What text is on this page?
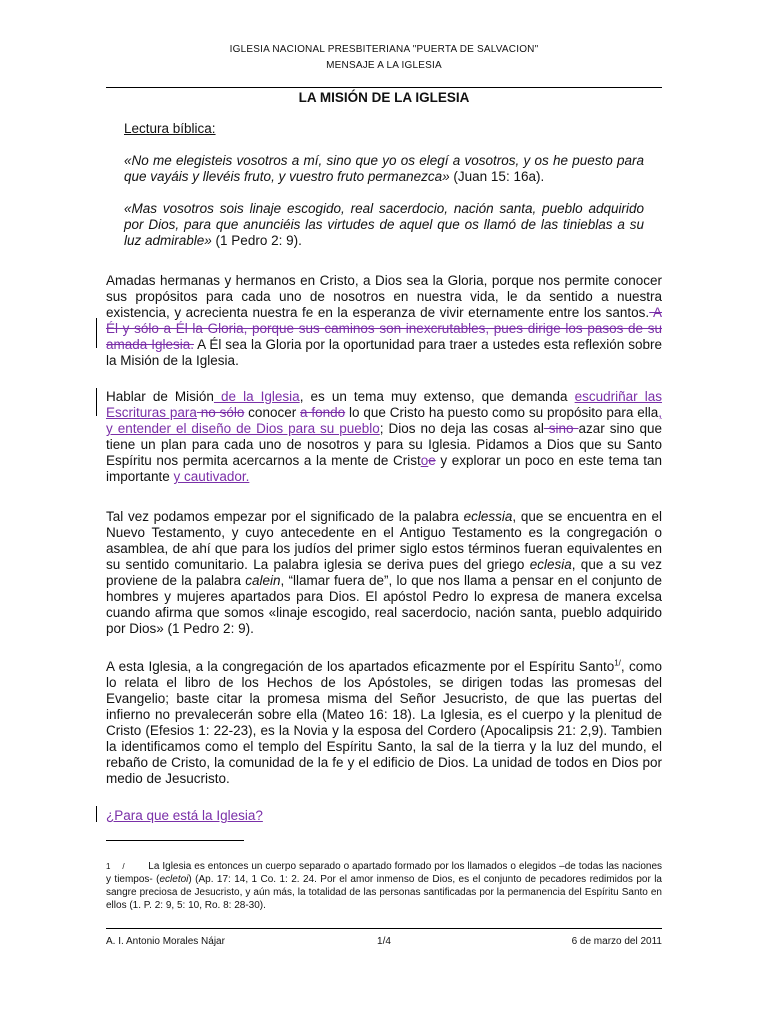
IGLESIA NACIONAL PRESBITERIANA "PUERTA DE SALVACION"
MENSAJE A LA IGLESIA
LA MISIÓN DE LA IGLESIA
Lectura bíblica:

«No me elegisteis vosotros a mí, sino que yo os elegí a vosotros, y os he puesto para que vayáis y llevéis fruto, y vuestro fruto permanezca» (Juan 15: 16a).

«Mas vosotros sois linaje escogido, real sacerdocio, nación santa, pueblo adquirido por Dios, para que anunciéis las virtudes de aquel que os llamó de las tinieblas a su luz admirable» (1 Pedro 2: 9).

Amadas hermanas y hermanos en Cristo, a Dios sea la Gloria, porque nos permite conocer sus propósitos para cada uno de nosotros en nuestra vida, le da sentido a nuestra existencia, y acrecienta nuestra fe en la esperanza de vivir eternamente entre los santos. A Él y sólo a Él la Gloria, porque sus caminos son inexcrutables, pues dirige los pasos de su amada Iglesia. A Él sea la Gloria por la oportunidad para traer a ustedes esta reflexión sobre la Misión de la Iglesia.

Hablar de Misión de la Iglesia, es un tema muy extenso, que demanda escudriñar las Escrituras para no sólo conocer a fondo lo que Cristo ha puesto como su propósito para ella, y entender el diseño de Dios para su pueblo; Dios no deja las cosas al sino azar sino que tiene un plan para cada uno de nosotros y para su Iglesia. Pidamos a Dios que su Santo Espíritu nos permita acercarnos a la mente de Cristoe y explorar un poco en este tema tan importante y cautivador.

Tal vez podamos empezar por el significado de la palabra eclessia, que se encuentra en el Nuevo Testamento, y cuyo antecedente en el Antiguo Testamento es la congregación o asamblea, de ahí que para los judíos del primer siglo estos términos fueran equivalentes en su sentido comunitario. La palabra iglesia se deriva pues del griego eclesia, que a su vez proviene de la palabra calein, “llamar fuera de”, lo que nos llama a pensar en el conjunto de hombres y mujeres apartados para Dios. El apóstol Pedro lo expresa de manera excelsa cuando afirma que somos «linaje escogido, real sacerdocio, nación santa, pueblo adquirido por Dios» (1 Pedro 2: 9).

A esta Iglesia, a la congregación de los apartados eficazmente por el Espíritu Santo$^{1/}$, como lo relata el libro de los Hechos de los Apóstoles, se dirigen todas las promesas del Evangelio; baste citar la promesa misma del Señor Jesucristo, de que las puertas del infierno no prevalecerán sobre ella (Mateo 16: 18). La Iglesia, es el cuerpo y la plenitud de Cristo (Efesios 1: 22-23), es la Novia y la esposa del Cordero (Apocalipsis 21: 2,9). Tambien la identificamos como el templo del Espíritu Santo, la sal de la tierra y la luz del mundo, el rebaño de Cristo, la comunidad de la fe y el edificio de Dios. La unidad de todos en Dios por medio de Jesucristo.

¿Para que está la Iglesia?

1 / La Iglesia es entonces un cuerpo separado o apartado formado por los llamados o elegidos –de todas las naciones y tiempos- (ecletoi) (Ap. 17: 14, 1 Co. 1: 2. 24. Por el amor inmenso de Dios, es el conjunto de pecadores redimidos por la sangre preciosa de Jesucristo, y aún más, la totalidad de las personas santificadas por la permanencia del Espíritu Santo en ellos (1. P. 2: 9, 5: 10, Ro. 8: 28-30).

A. I. Antonio Morales Nájar	1/4	6 de marzo del 2011
